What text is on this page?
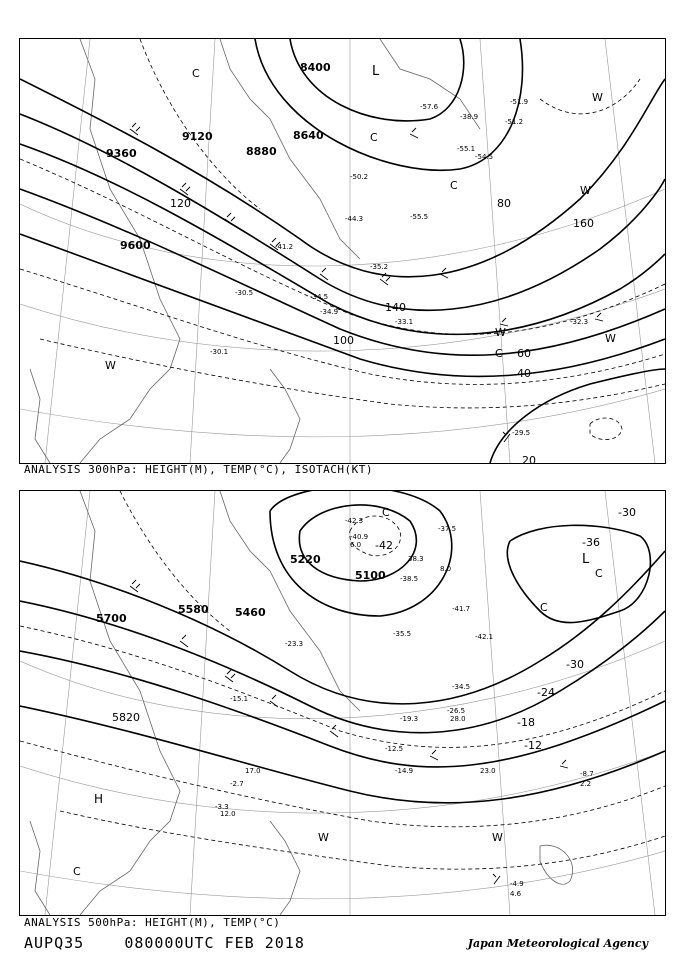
8400
8640
8880
9120
9360
9600
20
40
60
80
100
120
140
160
-57.6
-55.1
-54.5
-51.9
-50.2
-44.3
-41.2
-34.5
-33.1	-32.3
-30.5
-30.1
-29.5
-38.9
-35.2
-34.9
-51.2
-55.5
L
C
W
C
W	W
W
C
C
W
ANALYSIS 300hPa: HEIGHT(M), TEMP(°C), ISOTACH(KT)
5100
5220
5460
5580
5700
5820
-42	-36
-30
-30
-24
-18
-12
-42.3
-40.9
-37.5
-38.5
-41.7
-42.1
-35.5
-34.5
-26.5
-19.3
-14.9
-12.5
-8.7
-4.9
-3.3
-2.7
-15.1
-23.3
38.3
28.0
23.0
17.0
12.0
8.0
6.0
4.6
2.2
L
C
C
C
H
C
W	W
ANALYSIS 500hPa: HEIGHT(M), TEMP(°C)
AUPQ35	080000UTC FEB 2018	Japan Meteorological Agency
